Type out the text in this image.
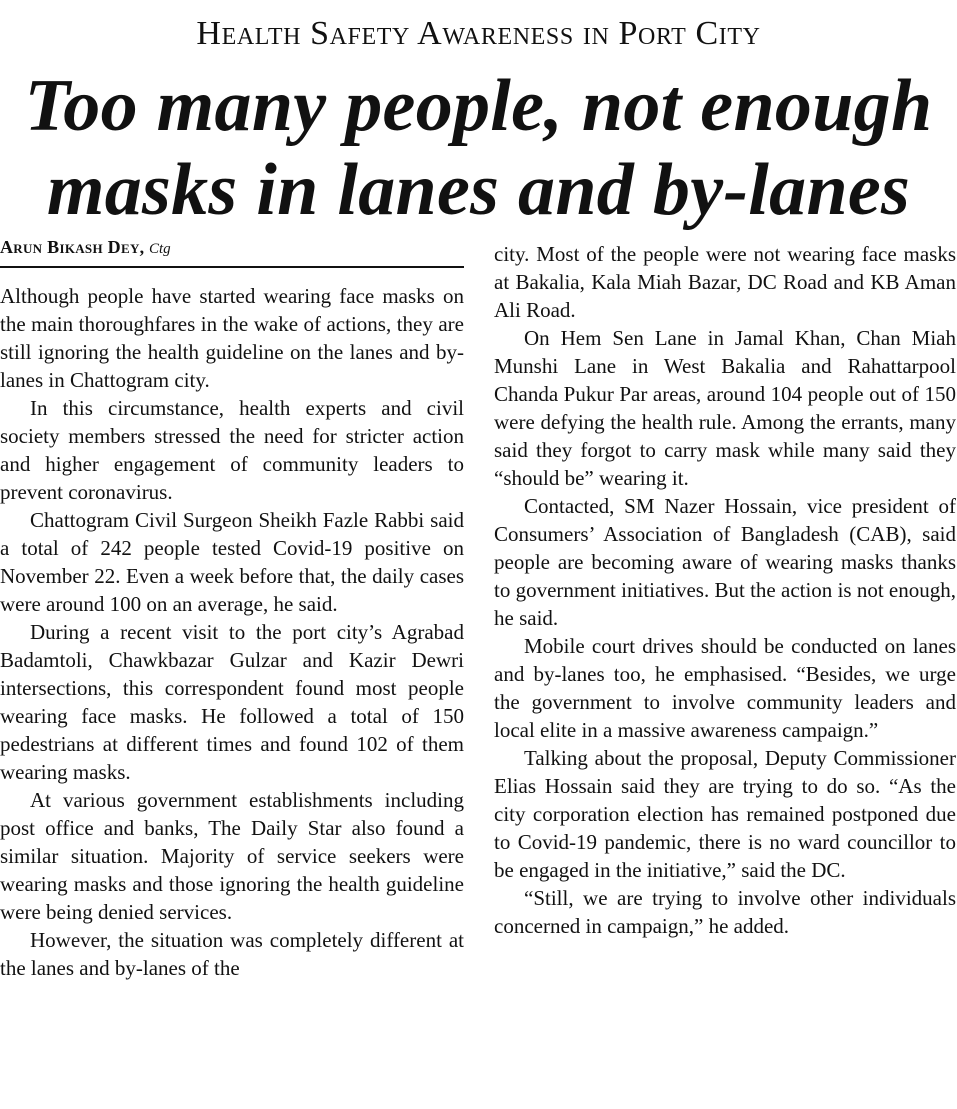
Health Safety Awareness in Port City
Too many people, not enough
masks in lanes and by-lanes
Arun Bikash Dey, Ctg

Although people have started wearing face masks on the main thoroughfares in the wake of actions, they are still ignoring the health guideline on the lanes and by-lanes in Chattogram city.

In this circumstance, health experts and civil society members stressed the need for stricter action and higher engagement of community leaders to prevent coronavirus.

Chattogram Civil Surgeon Sheikh Fazle Rabbi said a total of 242 people tested Covid-19 positive on November 22. Even a week before that, the daily cases were around 100 on an average, he said.

During a recent visit to the port city’s Agrabad Badamtoli, Chawkbazar Gulzar and Kazir Dewri intersections, this correspondent found most people wearing face masks. He followed a total of 150 pedestrians at different times and found 102 of them wearing masks.

At various government establishments including post office and banks, The Daily Star also found a similar situation. Majority of service seekers were wearing masks and those ignoring the health guideline were being denied services.

However, the situation was completely different at the lanes and by-lanes of the

city. Most of the people were not wearing face masks at Bakalia, Kala Miah Bazar, DC Road and KB Aman Ali Road.

On Hem Sen Lane in Jamal Khan, Chan Miah Munshi Lane in West Bakalia and Rahattarpool Chanda Pukur Par areas, around 104 people out of 150 were defying the health rule. Among the errants, many said they forgot to carry mask while many said they “should be” wearing it.

Contacted, SM Nazer Hossain, vice president of Consumers’ Association of Bangladesh (CAB), said people are becoming aware of wearing masks thanks to government initiatives. But the action is not enough, he said.

Mobile court drives should be conducted on lanes and by-lanes too, he emphasised. “Besides, we urge the government to involve community leaders and local elite in a massive awareness campaign.”

Talking about the proposal, Deputy Commissioner Elias Hossain said they are trying to do so. “As the city corporation election has remained postponed due to Covid-19 pandemic, there is no ward councillor to be engaged in the initiative,” said the DC.

“Still, we are trying to involve other individuals concerned in campaign,” he added.
